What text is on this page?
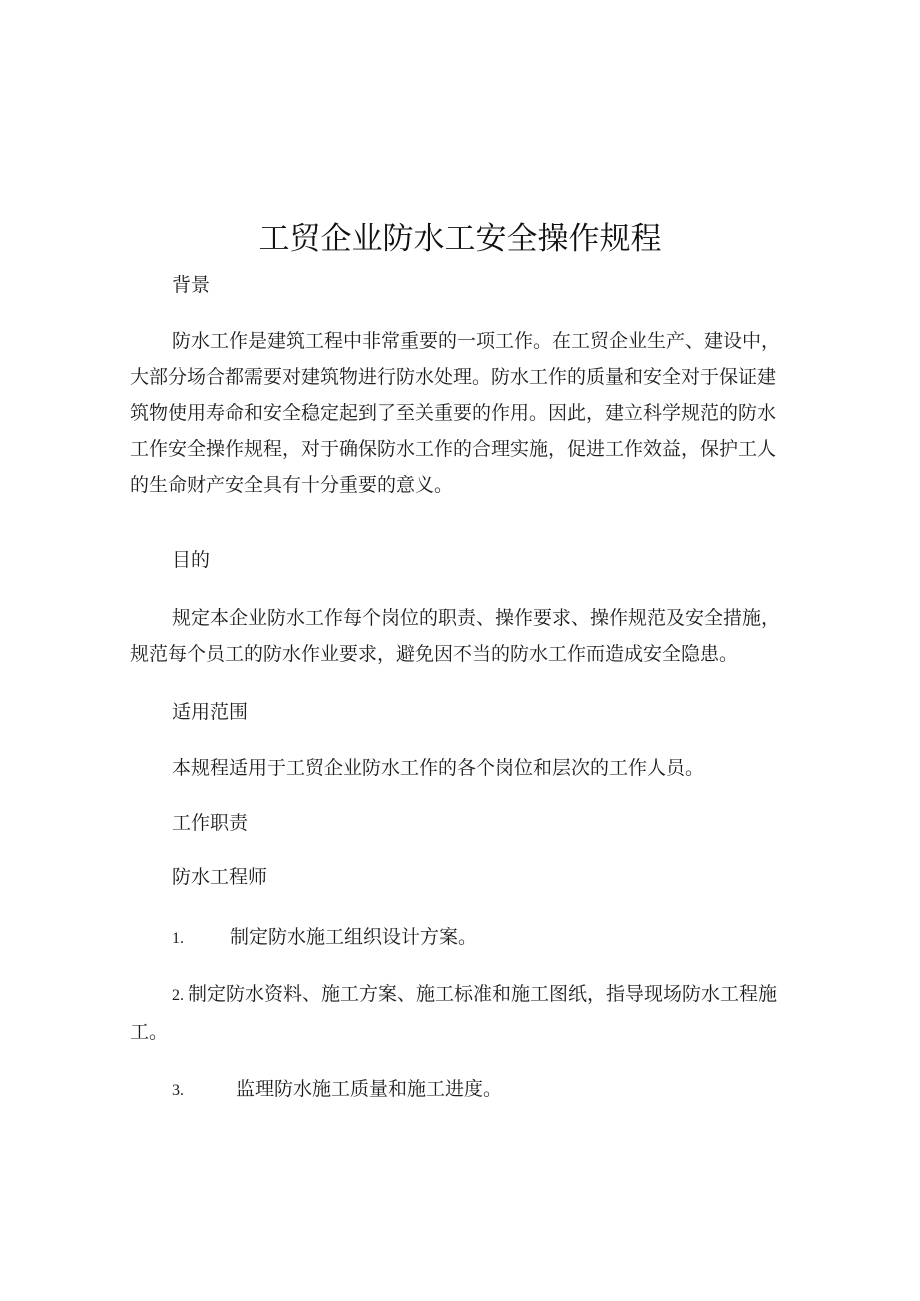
工贸企业防水工安全操作规程
背景
防水工作是建筑工程中非常重要的一项工作。在工贸企业生产、建设中，大部分场合都需要对建筑物进行防水处理。防水工作的质量和安全对于保证建筑物使用寿命和安全稳定起到了至关重要的作用。因此，建立科学规范的防水工作安全操作规程，对于确保防水工作的合理实施，促进工作效益，保护工人的生命财产安全具有十分重要的意义。
目的
规定本企业防水工作每个岗位的职责、操作要求、操作规范及安全措施，规范每个员工的防水作业要求，避免因不当的防水工作而造成安全隐患。
适用范围
本规程适用于工贸企业防水工作的各个岗位和层次的工作人员。
工作职责
防水工程师
1. 制定防水施工组织设计方案。
2. 制定防水资料、施工方案、施工标准和施工图纸，指导现场防水工程施工。
3.	监理防水施工质量和施工进度。
